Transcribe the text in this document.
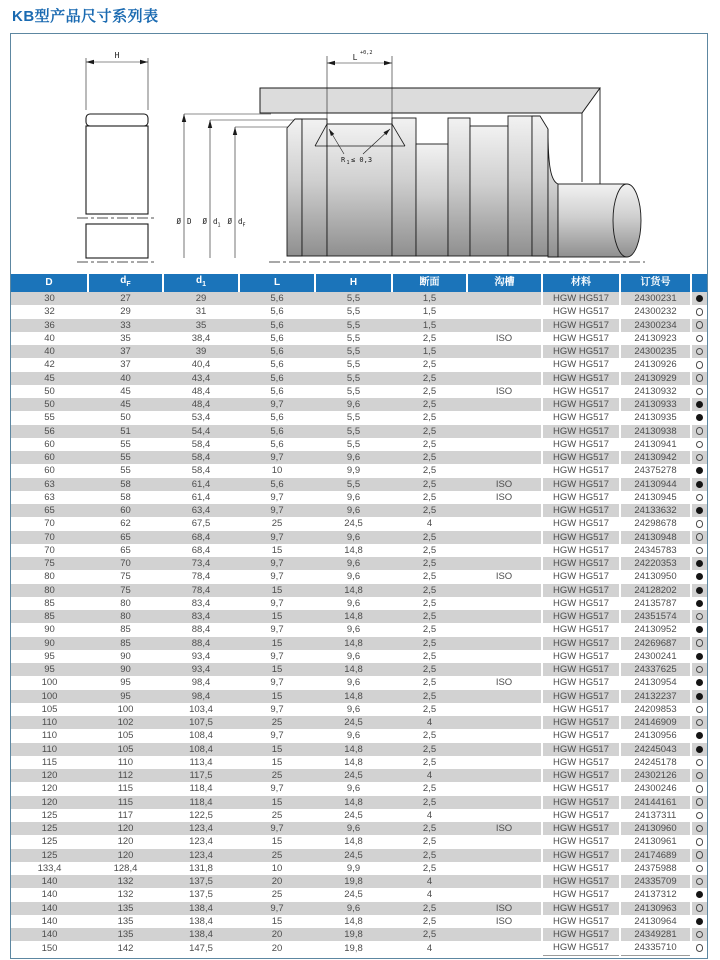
KB型产品尺寸系列表
H
Ø D Ø d 1 Ø d F
L +0,2
R 1 ≤ 0,3
D	$d_F$	$d_1$	L	H	断面	沟槽	材料	订货号	
30	27	29	5,6	5,5	1,5		HGW HG517	24300231	
32	29	31	5,6	5,5	1,5		HGW HG517	24300232	
36	33	35	5,6	5,5	1,5		HGW HG517	24300234	
40	35	38,4	5,6	5,5	2,5	ISO	HGW HG517	24130923	
40	37	39	5,6	5,5	1,5		HGW HG517	24300235	
42	37	40,4	5,6	5,5	2,5		HGW HG517	24130926	
45	40	43,4	5,6	5,5	2,5		HGW HG517	24130929	
50	45	48,4	5,6	5,5	2,5	ISO	HGW HG517	24130932	
50	45	48,4	9,7	9,6	2,5		HGW HG517	24130933	
55	50	53,4	5,6	5,5	2,5		HGW HG517	24130935	
56	51	54,4	5,6	5,5	2,5		HGW HG517	24130938	
60	55	58,4	5,6	5,5	2,5		HGW HG517	24130941	
60	55	58,4	9,7	9,6	2,5		HGW HG517	24130942	
60	55	58,4	10	9,9	2,5		HGW HG517	24375278	
63	58	61,4	5,6	5,5	2,5	ISO	HGW HG517	24130944	
63	58	61,4	9,7	9,6	2,5	ISO	HGW HG517	24130945	
65	60	63,4	9,7	9,6	2,5		HGW HG517	24133632	
70	62	67,5	25	24,5	4		HGW HG517	24298678	
70	65	68,4	9,7	9,6	2,5		HGW HG517	24130948	
70	65	68,4	15	14,8	2,5		HGW HG517	24345783	
75	70	73,4	9,7	9,6	2,5		HGW HG517	24220353	
80	75	78,4	9,7	9,6	2,5	ISO	HGW HG517	24130950	
80	75	78,4	15	14,8	2,5		HGW HG517	24128202	
85	80	83,4	9,7	9,6	2,5		HGW HG517	24135787	
85	80	83,4	15	14,8	2,5		HGW HG517	24351574	
90	85	88,4	9,7	9,6	2,5		HGW HG517	24130952	
90	85	88,4	15	14,8	2,5		HGW HG517	24269687	
95	90	93,4	9,7	9,6	2,5		HGW HG517	24300241	
95	90	93,4	15	14,8	2,5		HGW HG517	24337625	
100	95	98,4	9,7	9,6	2,5	ISO	HGW HG517	24130954	
100	95	98,4	15	14,8	2,5		HGW HG517	24132237	
105	100	103,4	9,7	9,6	2,5		HGW HG517	24209853	
110	102	107,5	25	24,5	4		HGW HG517	24146909	
110	105	108,4	9,7	9,6	2,5		HGW HG517	24130956	
110	105	108,4	15	14,8	2,5		HGW HG517	24245043	
115	110	113,4	15	14,8	2,5		HGW HG517	24245178	
120	112	117,5	25	24,5	4		HGW HG517	24302126	
120	115	118,4	9,7	9,6	2,5		HGW HG517	24300246	
120	115	118,4	15	14,8	2,5		HGW HG517	24144161	
125	117	122,5	25	24,5	4		HGW HG517	24137311	
125	120	123,4	9,7	9,6	2,5	ISO	HGW HG517	24130960	
125	120	123,4	15	14,8	2,5		HGW HG517	24130961	
125	120	123,4	25	24,5	2,5		HGW HG517	24174689	
133,4	128,4	131,8	10	9,9	2,5		HGW HG517	24375988	
140	132	137,5	20	19,8	4		HGW HG517	24335709	
140	132	137,5	25	24,5	4		HGW HG517	24137312	
140	135	138,4	9,7	9,6	2,5	ISO	HGW HG517	24130963	
140	135	138,4	15	14,8	2,5	ISO	HGW HG517	24130964	
140	135	138,4	20	19,8	2,5		HGW HG517	24349281	
150	142	147,5	20	19,8	4		HGW HG517	24335710	
